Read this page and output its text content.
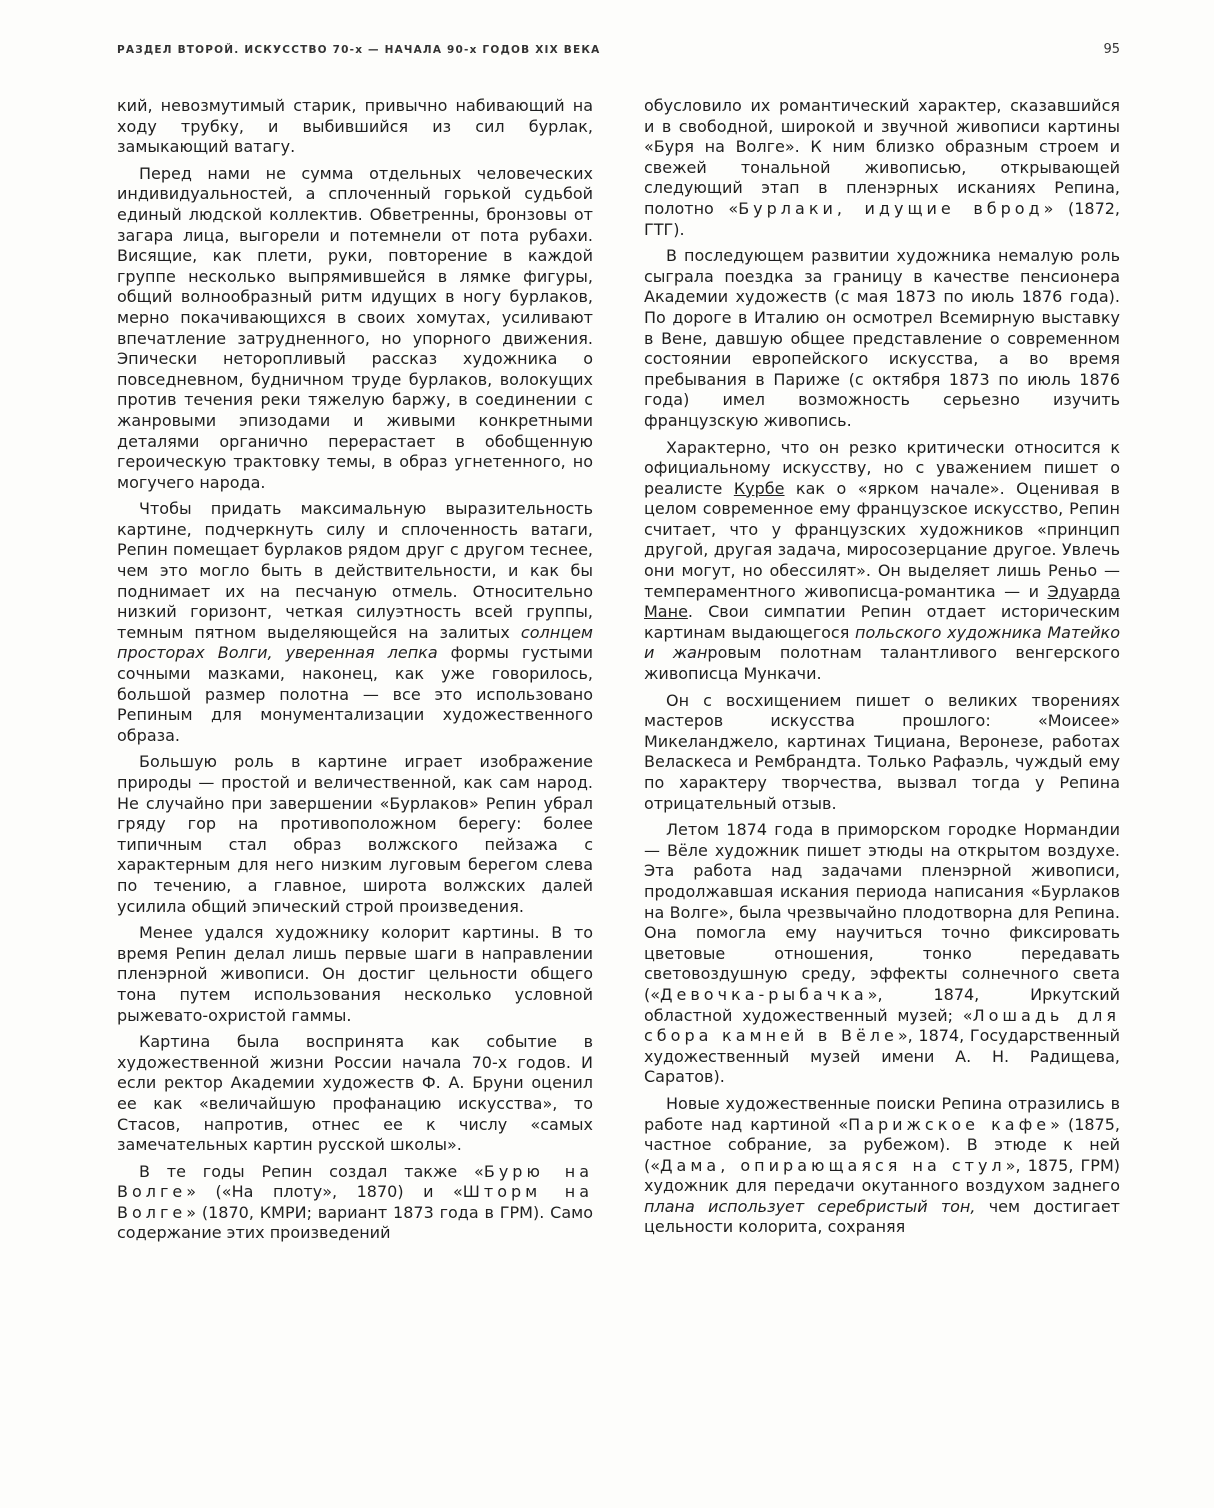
РАЗДЕЛ ВТОРОЙ. ИСКУССТВО 70-х — НАЧАЛА 90-х ГОДОВ XIX ВЕКА	95

кий, невозмутимый старик, привычно набивающий на ходу трубку, и выбившийся из сил бурлак, замыкающий ватагу.

Перед нами не сумма отдельных человеческих индивидуальностей, а сплоченный горькой судьбой единый людской коллектив. Обветренны, бронзовы от загара лица, выгорели и потемнели от пота рубахи. Висящие, как плети, руки, повторение в каждой группе несколько выпрямившейся в лямке фигуры, общий волнообразный ритм идущих в ногу бурлаков, мерно покачивающихся в своих хомутах, усиливают впечатление затрудненного, но упорного движения. Эпически неторопливый рассказ художника о повседневном, будничном труде бурлаков, волокущих против течения реки тяжелую баржу, в соединении с жанровыми эпизодами и живыми конкретными деталями органично перерастает в обобщенную героическую трактовку темы, в образ угнетенного, но могучего народа.

Чтобы придать максимальную выразительность картине, подчеркнуть силу и сплоченность ватаги, Репин помещает бурлаков рядом друг с другом теснее, чем это могло быть в действительности, и как бы поднимает их на песчаную отмель. Относительно низкий горизонт, четкая силуэтность всей группы, темным пятном выделяющейся на залитых солнцем просторах Волги, уверенная лепка формы густыми сочными мазками, наконец, как уже говорилось, большой размер полотна — все это использовано Репиным для монументализации художественного образа.

Большую роль в картине играет изображение природы — простой и величественной, как сам народ. Не случайно при завершении «Бурлаков» Репин убрал гряду гор на противоположном берегу: более типичным стал образ волжского пейзажа с характерным для него низким луговым берегом слева по течению, а главное, широта волжских далей усилила общий эпический строй произведения.

Менее удался художнику колорит картины. В то время Репин делал лишь первые шаги в направлении пленэрной живописи. Он достиг цельности общего тона путем использования несколько условной рыжевато-охристой гаммы.

Картина была воспринята как событие в художественной жизни России начала 70-х годов. И если ректор Академии художеств Ф. А. Бруни оценил ее как «величайшую профанацию искусства», то Стасов, напротив, отнес ее к числу «самых замечательных картин русской школы».

В те годы Репин создал также «Бурю на Волге» («На плоту», 1870) и «Шторм на Волге» (1870, КМРИ; вариант 1873 года в ГРМ). Само содержание этих произведений

обусловило их романтический характер, сказавшийся и в свободной, широкой и звучной живописи картины «Буря на Волге». К ним близко образным строем и свежей тональной живописью, открывающей следующий этап в пленэрных исканиях Репина, полотно «Бурлаки, идущие вброд» (1872, ГТГ).

В последующем развитии художника немалую роль сыграла поездка за границу в качестве пенсионера Академии художеств (с мая 1873 по июль 1876 года). По дороге в Италию он осмотрел Всемирную выставку в Вене, давшую общее представление о современном состоянии европейского искусства, а во время пребывания в Париже (с октября 1873 по июль 1876 года) имел возможность серьезно изучить французскую живопись.

Характерно, что он резко критически относится к официальному искусству, но с уважением пишет о реалисте Курбе как о «ярком начале». Оценивая в целом современное ему французское искусство, Репин считает, что у французских художников «принцип другой, другая задача, миросозерцание другое. Увлечь они могут, но обессилят». Он выделяет лишь Реньо — темпераментного живописца-романтика — и Эдуарда Мане. Свои симпатии Репин отдает историческим картинам выдающегося польского художника Матейко и жанровым полотнам талантливого венгерского живописца Мункачи.

Он с восхищением пишет о великих творениях мастеров искусства прошлого: «Моисее» Микеланджело, картинах Тициана, Веронезе, работах Веласкеса и Рембрандта. Только Рафаэль, чуждый ему по характеру творчества, вызвал тогда у Репина отрицательный отзыв.

Летом 1874 года в приморском городке Нормандии — Вёле художник пишет этюды на открытом воздухе. Эта работа над задачами пленэрной живописи, продолжавшая искания периода написания «Бурлаков на Волге», была чрезвычайно плодотворна для Репина. Она помогла ему научиться точно фиксировать цветовые отношения, тонко передавать световоздушную среду, эффекты солнечного света («Девочка-рыбачка», 1874, Иркутский областной художественный музей; «Лошадь для сбора камней в Вёле», 1874, Государственный художественный музей имени А. Н. Радищева, Саратов).

Новые художественные поиски Репина отразились в работе над картиной «Парижское кафе» (1875, частное собрание, за рубежом). В этюде к ней («Дама, опирающаяся на стул», 1875, ГРМ) художник для передачи окутанного воздухом заднего плана использует серебристый тон, чем достигает цельности колорита, сохраняя
